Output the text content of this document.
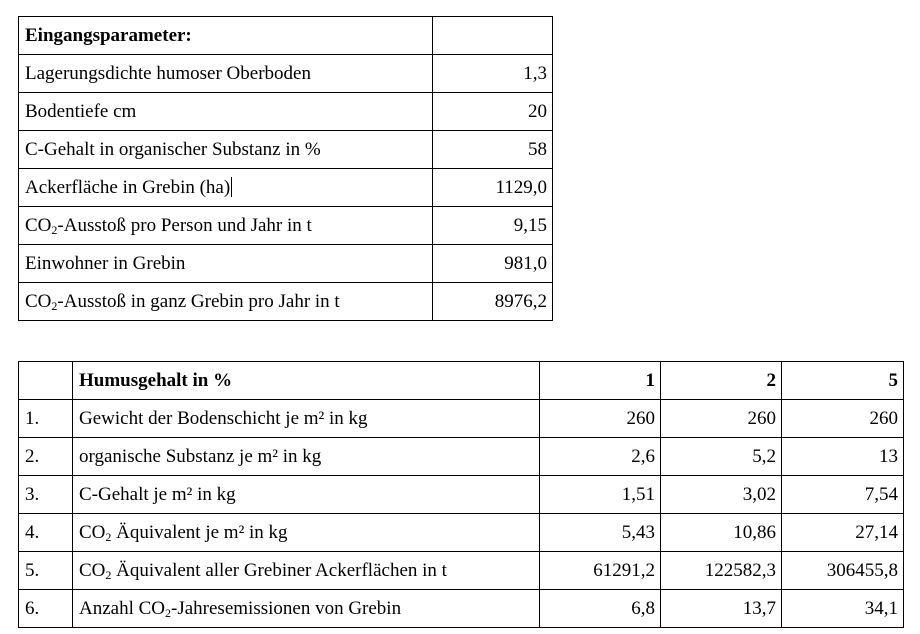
Eingangsparameter:	
Lagerungsdichte humoser Oberboden	1,3
Bodentiefe cm	20
C-Gehalt in organischer Substanz in %	58
Ackerfläche in Grebin (ha)	1129,0
$CO_2$-Ausstoß pro Person und Jahr in t	9,15
Einwohner in Grebin	981,0
$CO_2$-Ausstoß in ganz Grebin pro Jahr in t	8976,2
	Humusgehalt in %	1	2	5
1.	Gewicht der Bodenschicht je m² in kg	260	260	260
2.	organische Substanz je m² in kg	2,6	5,2	13
3.	C-Gehalt je m² in kg	1,51	3,02	7,54
4.	$CO_2$ Äquivalent je m² in kg	5,43	10,86	27,14
5.	$CO_2$ Äquivalent aller Grebiner Ackerflächen in t	61291,2	122582,3	306455,8
6.	Anzahl $CO_2$-Jahresemissionen von Grebin	6,8	13,7	34,1
